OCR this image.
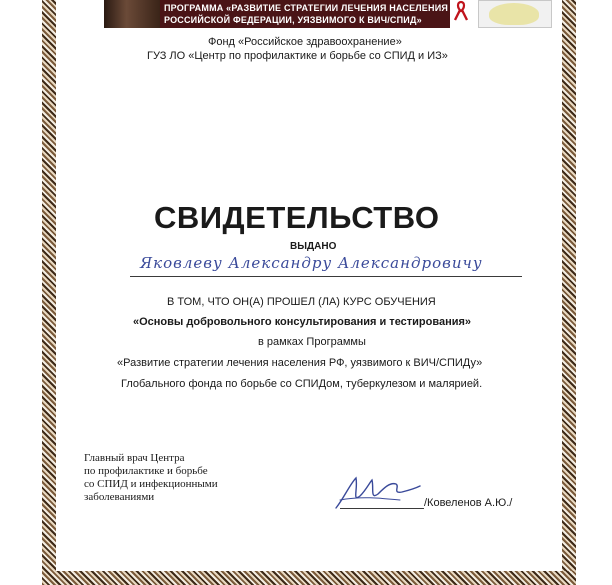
ПРОГРАММА «РАЗВИТИЕ СТРАТЕГИИ ЛЕЧЕНИЯ НАСЕЛЕНИЯ
РОССИЙСКОЙ ФЕДЕРАЦИИ, УЯЗВИМОГО К ВИЧ/СПИД»
Фонд «Российское здравоохранение»
ГУЗ ЛО «Центр по профилактике и борьбе со СПИД и ИЗ»
СВИДЕТЕЛЬСТВО
ВЫДАНО
Яковлеву Александру Александровичу
В ТОМ, ЧТО ОН(А) ПРОШЕЛ (ЛА) КУРС ОБУЧЕНИЯ
«Основы добровольного консультирования и тестирования»
в рамках Программы
«Развитие стратегии лечения населения РФ, уязвимого к ВИЧ/СПИДу»
Глобального фонда по борьбе со СПИДом, туберкулезом и малярией.
Главный врач Центра
по профилактике и борьбе
со СПИД и инфекционными
заболеваниями	/Ковеленов А.Ю./
